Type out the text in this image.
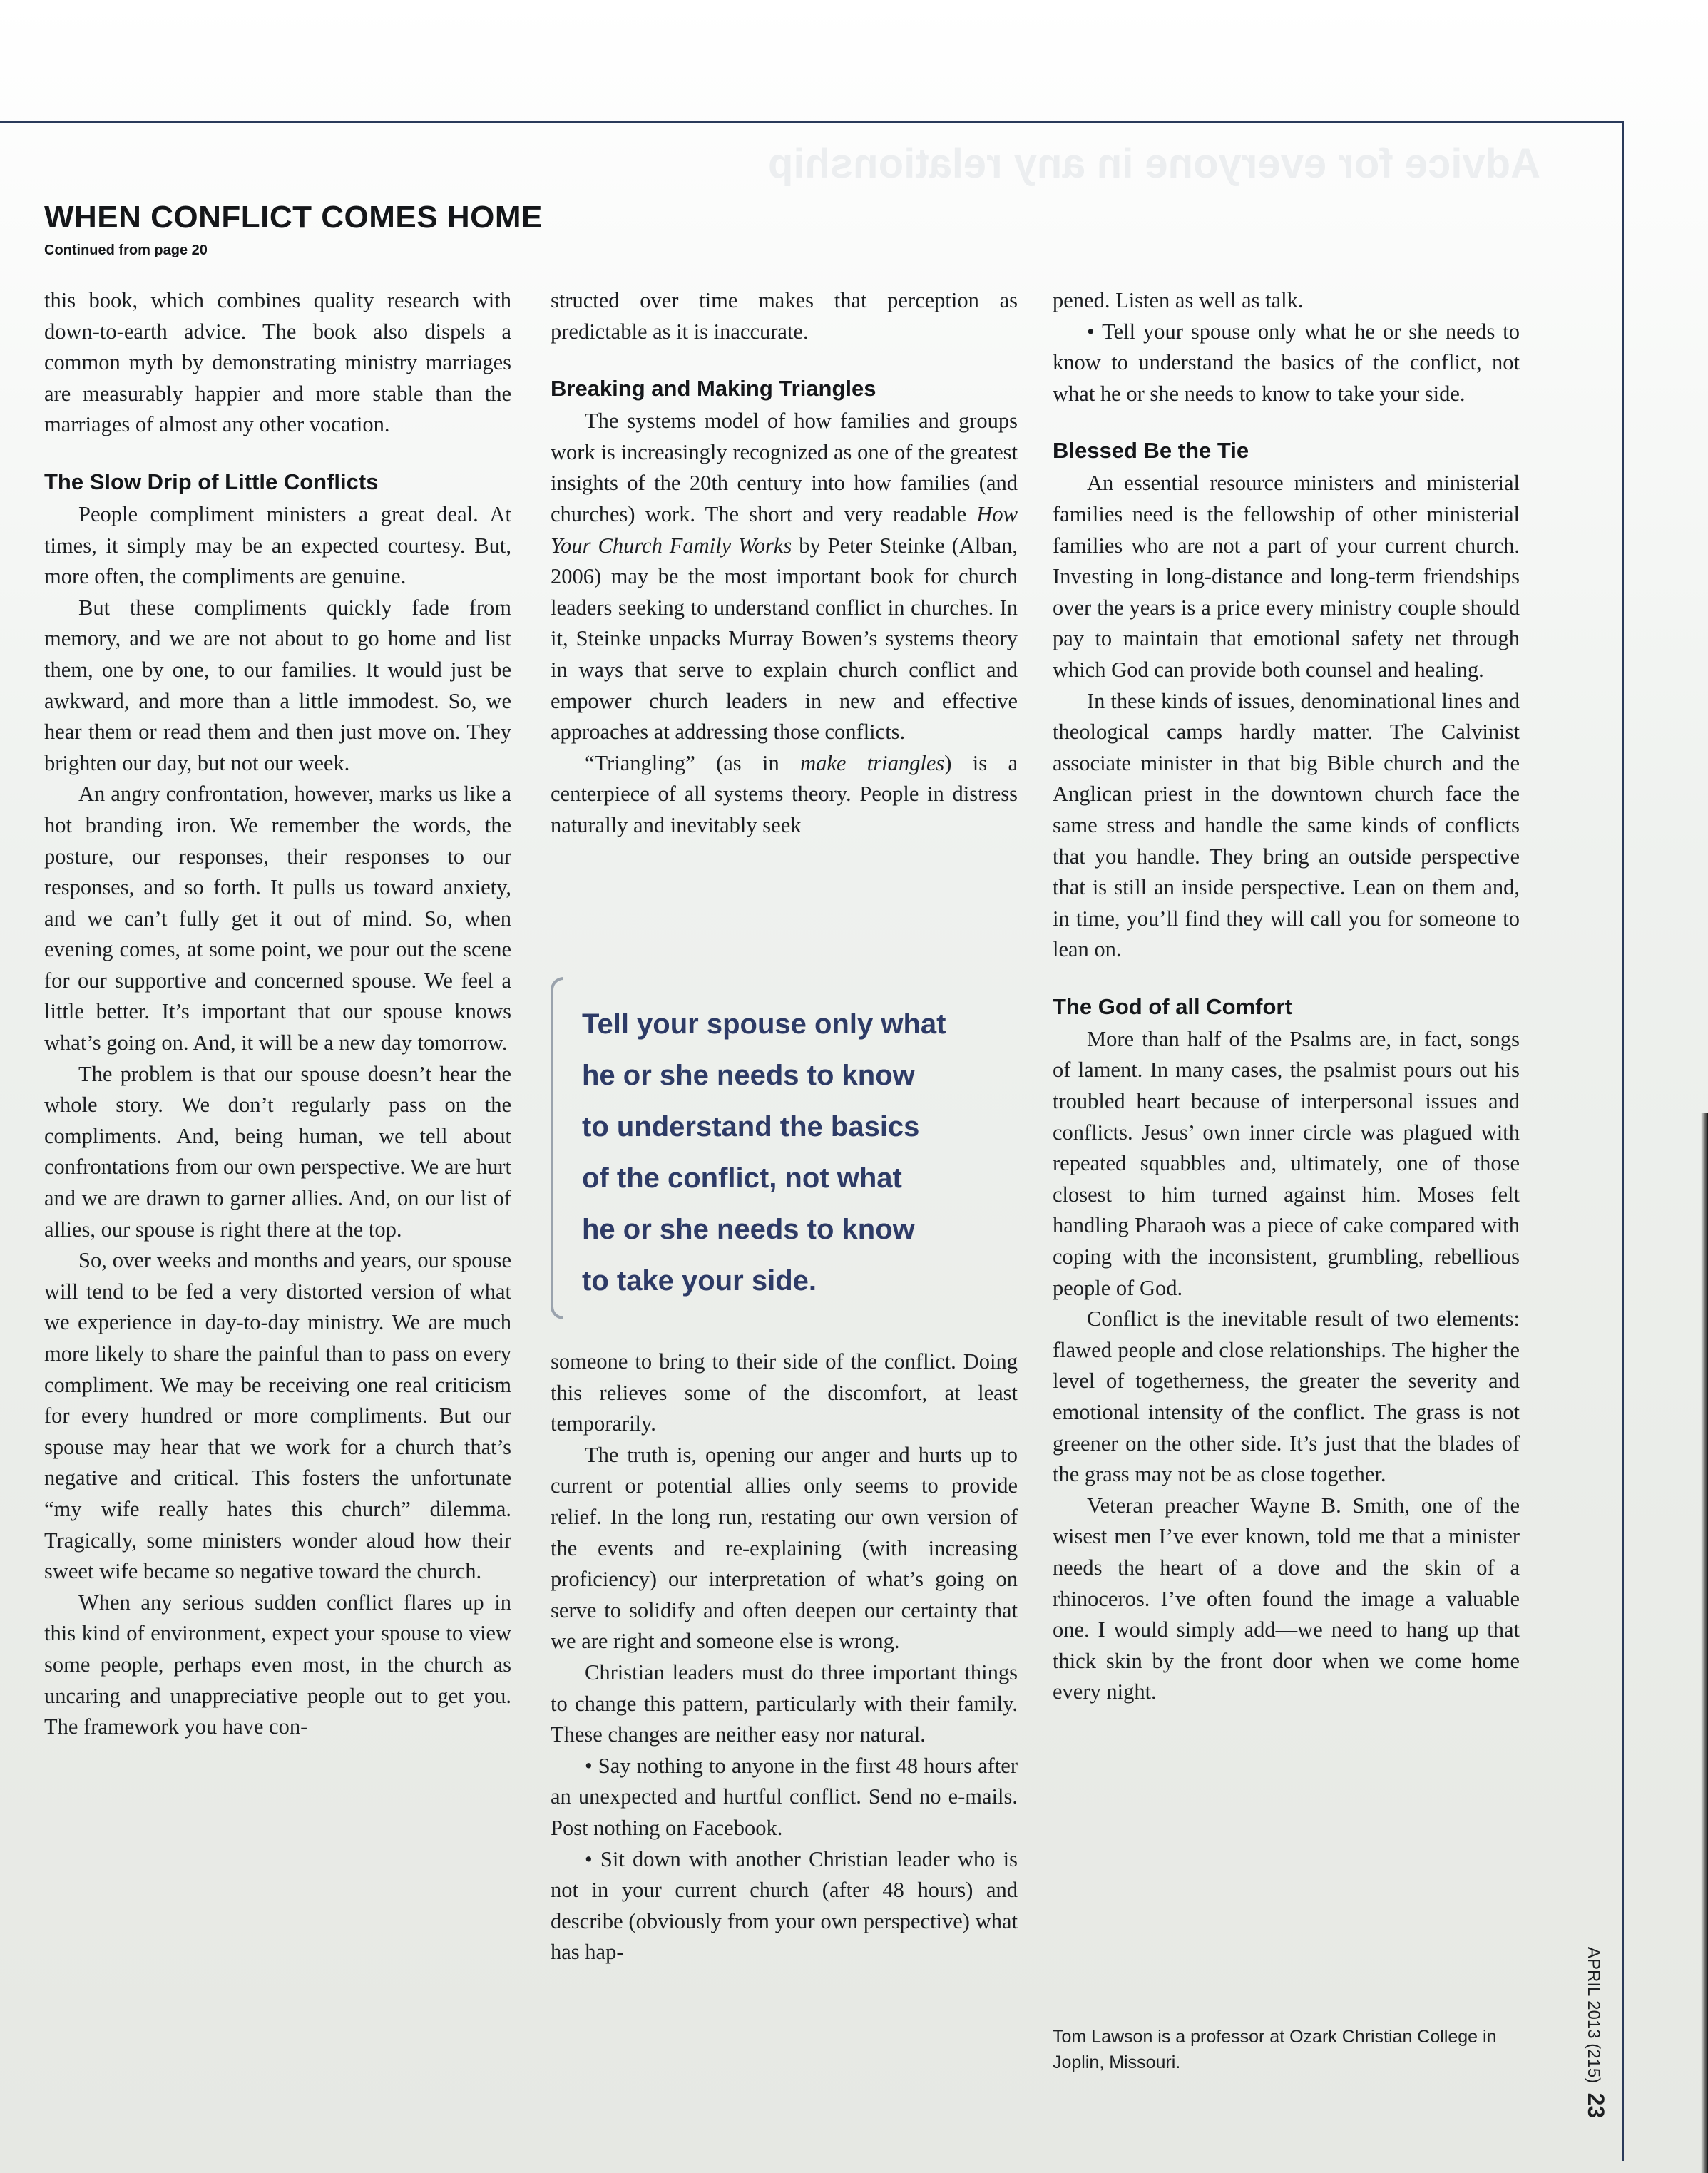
Advice for everyone in any relationship
WHEN CONFLICT COMES HOME
Continued from page 20

this book, which combines quality research with down-to-earth advice. The book also dispels a common myth by demonstrating ministry marriages are measurably happier and more stable than the marriages of almost any other vocation.

The Slow Drip of Little Conflicts

People compliment ministers a great deal. At times, it simply may be an expected courtesy. But, more often, the compliments are genuine.

But these compliments quickly fade from memory, and we are not about to go home and list them, one by one, to our families. It would just be awkward, and more than a little immodest. So, we hear them or read them and then just move on. They brighten our day, but not our week.

An angry confrontation, however, marks us like a hot branding iron. We remember the words, the posture, our responses, their responses to our responses, and so forth. It pulls us toward anxiety, and we can’t fully get it out of mind. So, when evening comes, at some point, we pour out the scene for our supportive and concerned spouse. We feel a little better. It’s important that our spouse knows what’s going on. And, it will be a new day tomorrow.

The problem is that our spouse doesn’t hear the whole story. We don’t regularly pass on the compliments. And, being human, we tell about confrontations from our own perspective. We are hurt and we are drawn to garner allies. And, on our list of allies, our spouse is right there at the top.

So, over weeks and months and years, our spouse will tend to be fed a very distorted version of what we experience in day-to-day ministry. We are much more likely to share the painful than to pass on every compliment. We may be receiving one real criticism for every hundred or more compliments. But our spouse may hear that we work for a church that’s negative and critical. This fosters the unfortunate “my wife really hates this church” dilemma. Tragically, some ministers wonder aloud how their sweet wife became so negative toward the church.

When any serious sudden conflict flares up in this kind of environment, expect your spouse to view some people, perhaps even most, in the church as uncaring and unappreciative people out to get you. The framework you have con-

structed over time makes that perception as predictable as it is inaccurate.

Breaking and Making Triangles

The systems model of how families and groups work is increasingly recognized as one of the greatest insights of the 20th century into how families (and churches) work. The short and very readable How Your Church Family Works by Peter Steinke (Alban, 2006) may be the most important book for church leaders seeking to understand conflict in churches. In it, Steinke unpacks Murray Bowen’s systems theory in ways that serve to explain church conflict and empower church leaders in new and effective approaches at addressing those conflicts.

“Triangling” (as in make triangles) is a centerpiece of all systems theory. People in distress naturally and inevitably seek

Tell your spouse only what
he or she needs to know
to understand the basics
of the conflict, not what
he or she needs to know
to take your side.

someone to bring to their side of the conflict. Doing this relieves some of the discomfort, at least temporarily.

The truth is, opening our anger and hurts up to current or potential allies only seems to provide relief. In the long run, restating our own version of the events and re-explaining (with increasing proficiency) our interpretation of what’s going on serve to solidify and often deepen our certainty that we are right and someone else is wrong.

Christian leaders must do three important things to change this pattern, particularly with their family. These changes are neither easy nor natural.

• Say nothing to anyone in the first 48 hours after an unexpected and hurtful conflict. Send no e-mails. Post nothing on Facebook.

• Sit down with another Christian leader who is not in your current church (after 48 hours) and describe (obviously from your own perspective) what has hap-

pened. Listen as well as talk.

• Tell your spouse only what he or she needs to know to understand the basics of the conflict, not what he or she needs to know to take your side.

Blessed Be the Tie

An essential resource ministers and ministerial families need is the fellowship of other ministerial families who are not a part of your current church. Investing in long-distance and long-term friendships over the years is a price every ministry couple should pay to maintain that emotional safety net through which God can provide both counsel and healing.

In these kinds of issues, denominational lines and theological camps hardly matter. The Calvinist associate minister in that big Bible church and the Anglican priest in the downtown church face the same stress and handle the same kinds of conflicts that you handle. They bring an outside perspective that is still an inside perspective. Lean on them and, in time, you’ll find they will call you for someone to lean on.

The God of all Comfort

More than half of the Psalms are, in fact, songs of lament. In many cases, the psalmist pours out his troubled heart because of interpersonal issues and conflicts. Jesus’ own inner circle was plagued with repeated squabbles and, ultimately, one of those closest to him turned against him. Moses felt handling Pharaoh was a piece of cake compared with coping with the inconsistent, grumbling, rebellious people of God.

Conflict is the inevitable result of two elements: flawed people and close relationships. The higher the level of togetherness, the greater the severity and emotional intensity of the conflict. The grass is not greener on the other side. It’s just that the blades of the grass may not be as close together.

Veteran preacher Wayne B. Smith, one of the wisest men I’ve ever known, told me that a minister needs the heart of a dove and the skin of a rhinoceros. I’ve often found the image a valuable one. I would simply add—we need to hang up that thick skin by the front door when we come home every night.

Tom Lawson is a professor at Ozark Christian College in Joplin, Missouri.	APRIL 2013 (215)  23
